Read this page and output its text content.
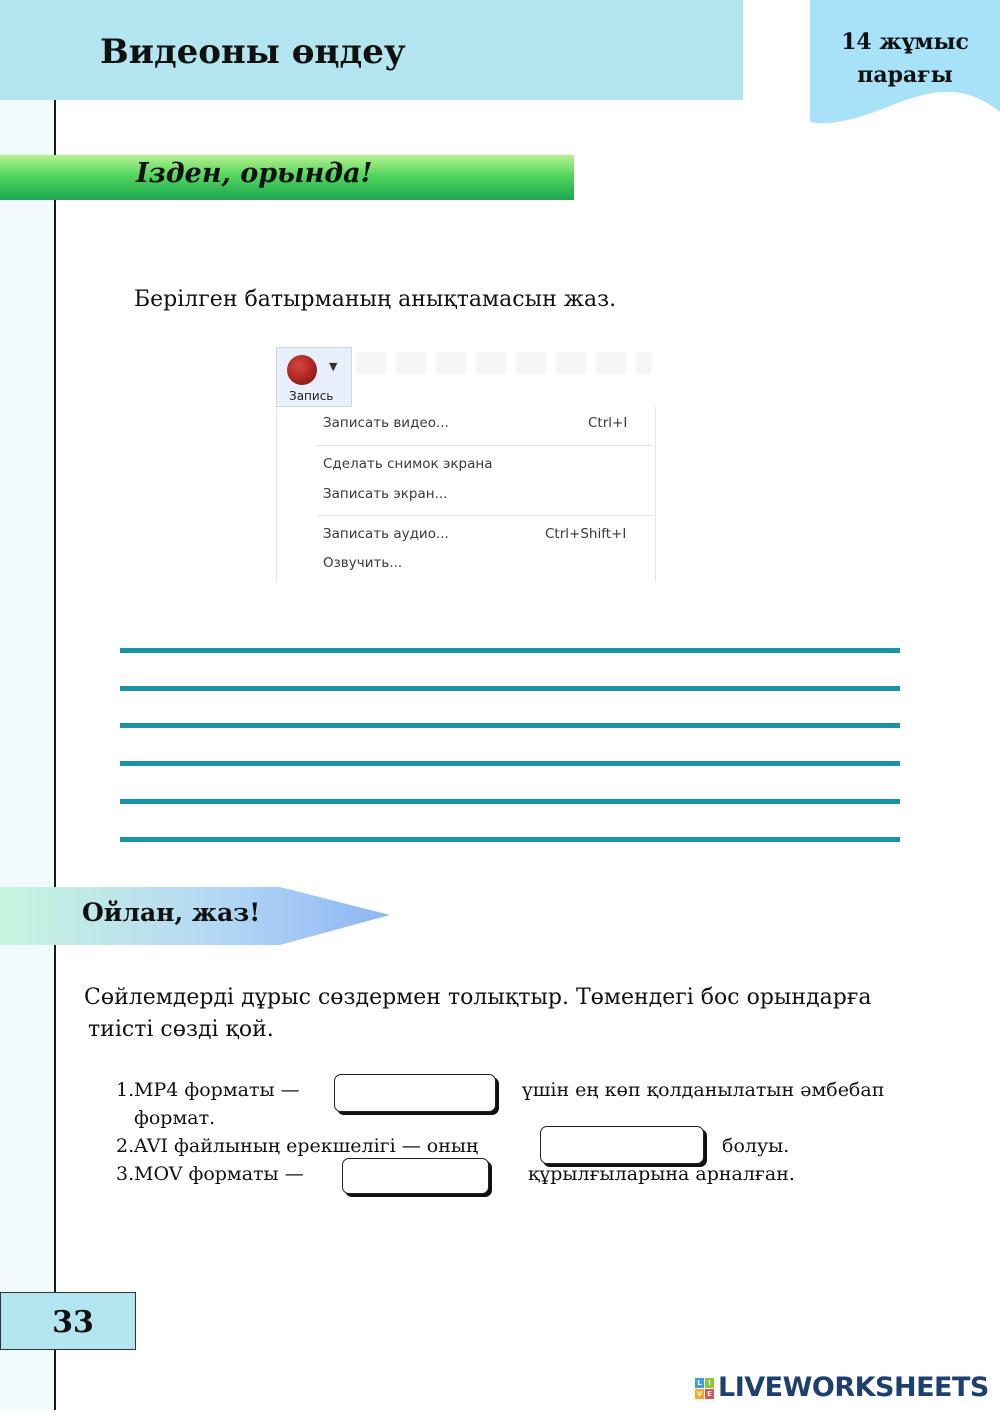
Видеоны өңдеу	14 жұмыс
парағы
Ізден, орында!
Берілген батырманың анықтамасын жаз.
▼
Запись
Записать видео...	Ctrl+I
Сделать снимок экрана
Записать экран...
Записать аудио...	Ctrl+Shift+I
Озвучить...
Ойлан, жаз!
Сөйлемдерді дұрыс сөздермен толықтыр. Төмендегі бос орындарға
тиісті сөзді қой.
1. MP4 форматы —	үшін ең көп қолданылатын әмбебап
формат.
2. AVI файлының ерекшелігі — оның	болуы.
3. MOV форматы —	құрылғыларына арналған.
33
L I
V E LIVEWORKSHEETS
